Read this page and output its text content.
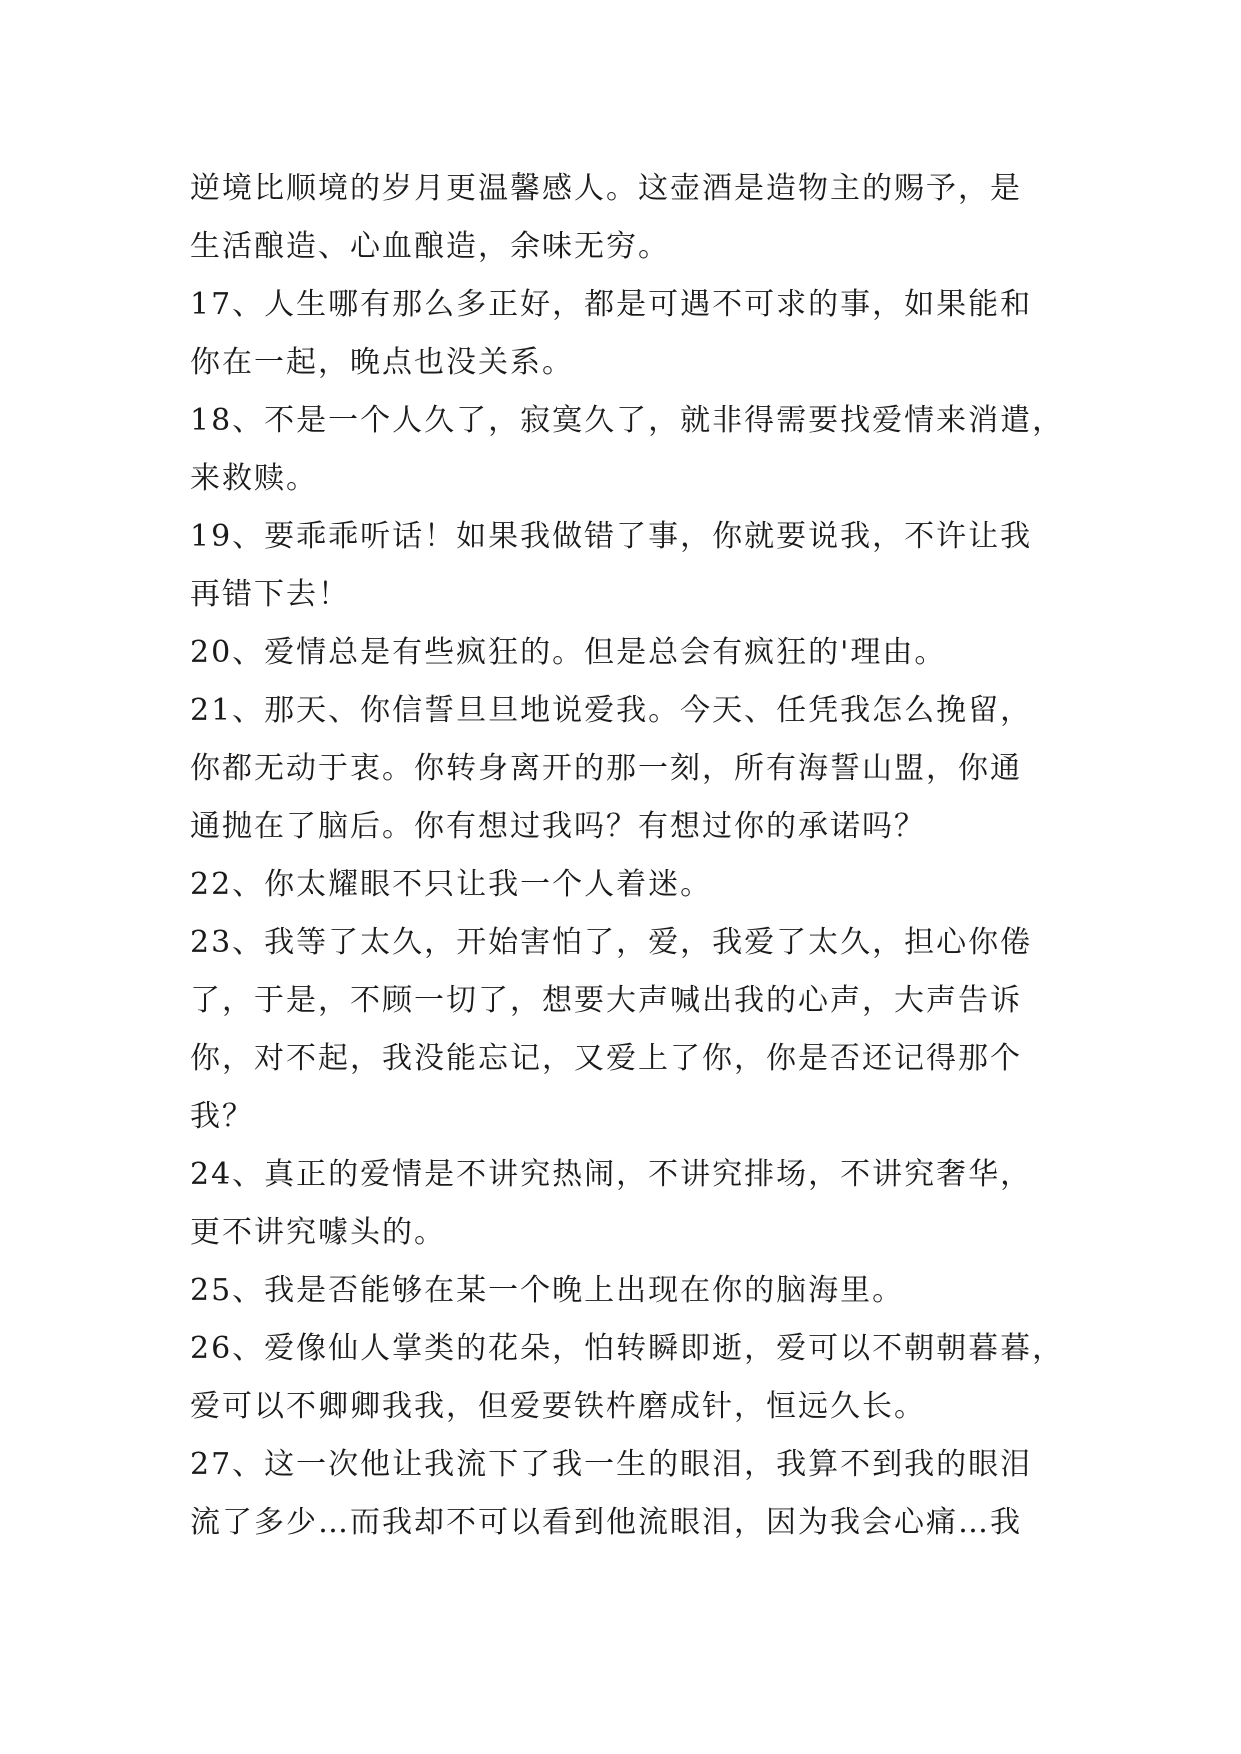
逆境比顺境的岁月更温馨感人。这壶酒是造物主的赐予，是
生活酿造、心血酿造，余味无穷。
17、人生哪有那么多正好，都是可遇不可求的事，如果能和
你在一起，晚点也没关系。
18、不是一个人久了，寂寞久了，就非得需要找爱情来消遣，
来救赎。
19、要乖乖听话！如果我做错了事，你就要说我，不许让我
再错下去！
20、爱情总是有些疯狂的。但是总会有疯狂的'理由。
21、那天、你信誓旦旦地说爱我。今天、任凭我怎么挽留，
你都无动于衷。你转身离开的那一刻，所有海誓山盟，你通
通抛在了脑后。你有想过我吗？有想过你的承诺吗？
22、你太耀眼不只让我一个人着迷。
23、我等了太久，开始害怕了，爱，我爱了太久，担心你倦
了，于是，不顾一切了，想要大声喊出我的心声，大声告诉
你，对不起，我没能忘记，又爱上了你，你是否还记得那个
我？
24、真正的爱情是不讲究热闹，不讲究排场，不讲究奢华，
更不讲究噱头的。
25、我是否能够在某一个晚上出现在你的脑海里。
26、爱像仙人掌类的花朵，怕转瞬即逝，爱可以不朝朝暮暮，
爱可以不卿卿我我，但爱要铁杵磨成针，恒远久长。
27、这一次他让我流下了我一生的眼泪，我算不到我的眼泪
流了多少…而我却不可以看到他流眼泪，因为我会心痛…我
